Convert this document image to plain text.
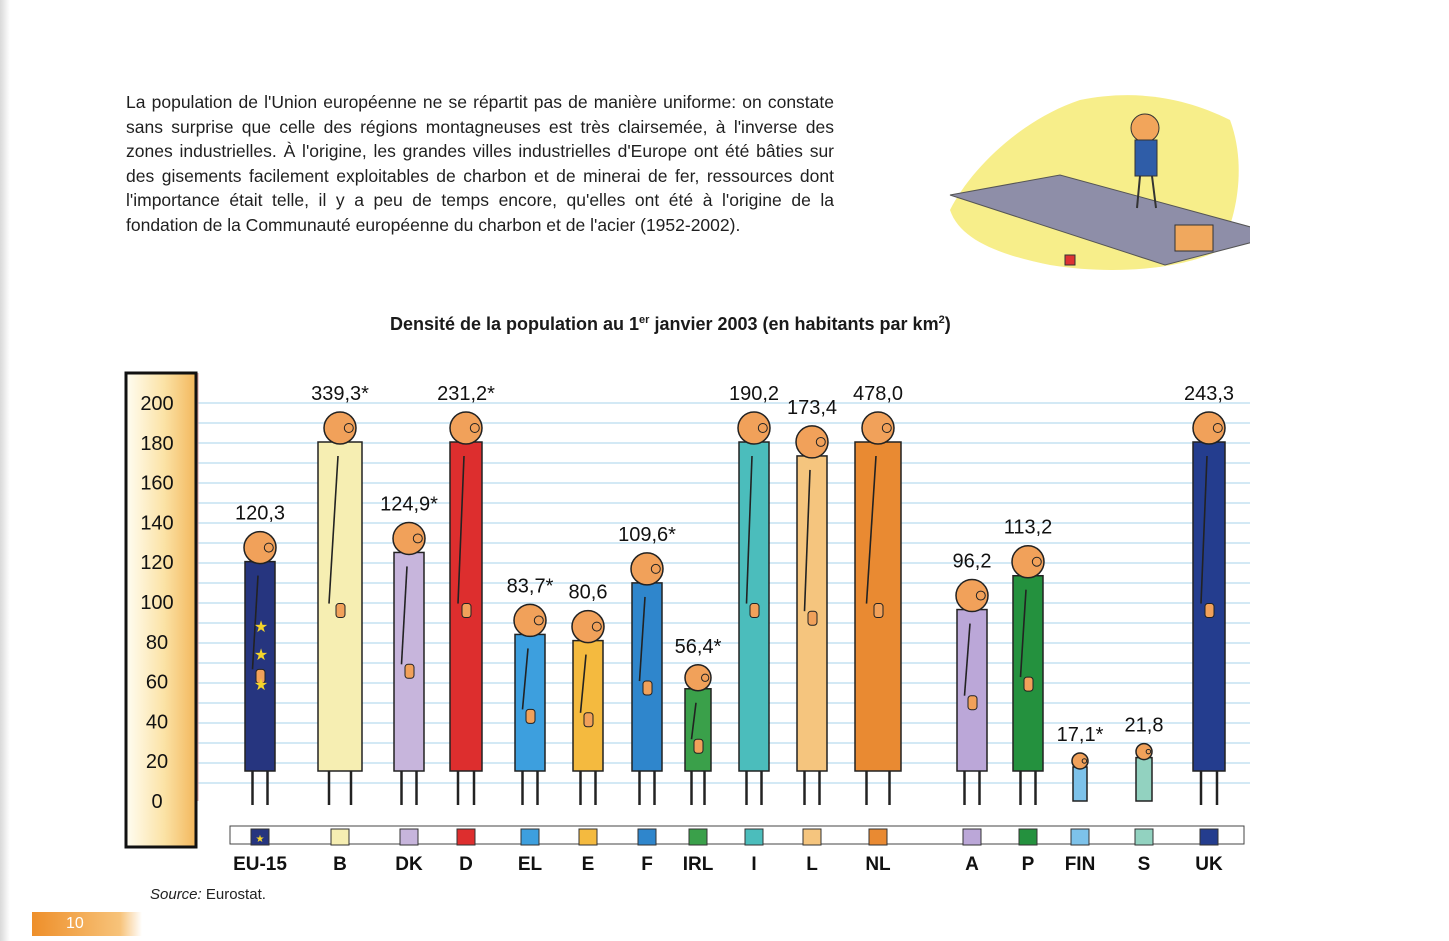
La population de l'Union européenne ne se répartit pas de manière uniforme: on constate sans surprise que celle des régions montagneuses est très clairsemée, à l'inverse des zones industrielles. À l'origine, les grandes villes industrielles d'Europe ont été bâties sur des gisements facilement exploitables de charbon et de minerai de fer, ressources dont l'importance était telle, il y a peu de temps encore, qu'elles ont été à l'origine de la fondation de la Communauté européenne du charbon et de l'acier (1952-2002).

Densité de la population au 1er janvier 2003 (en habitants par $km^2$)
0
20
40
60
80
100
120
140
160
180
200
120,3
339,3*
124,9*
231,2*
83,7* 80,6
109,6*
56,4*
190,2
173,4
478,0
96,2
113,2
17,1* 21,8
243,3
★
★
★
★
EU-15 B	DK D EL E F IRL I	L	NL	A P FIN S UK
Source: Eurostat.
10
